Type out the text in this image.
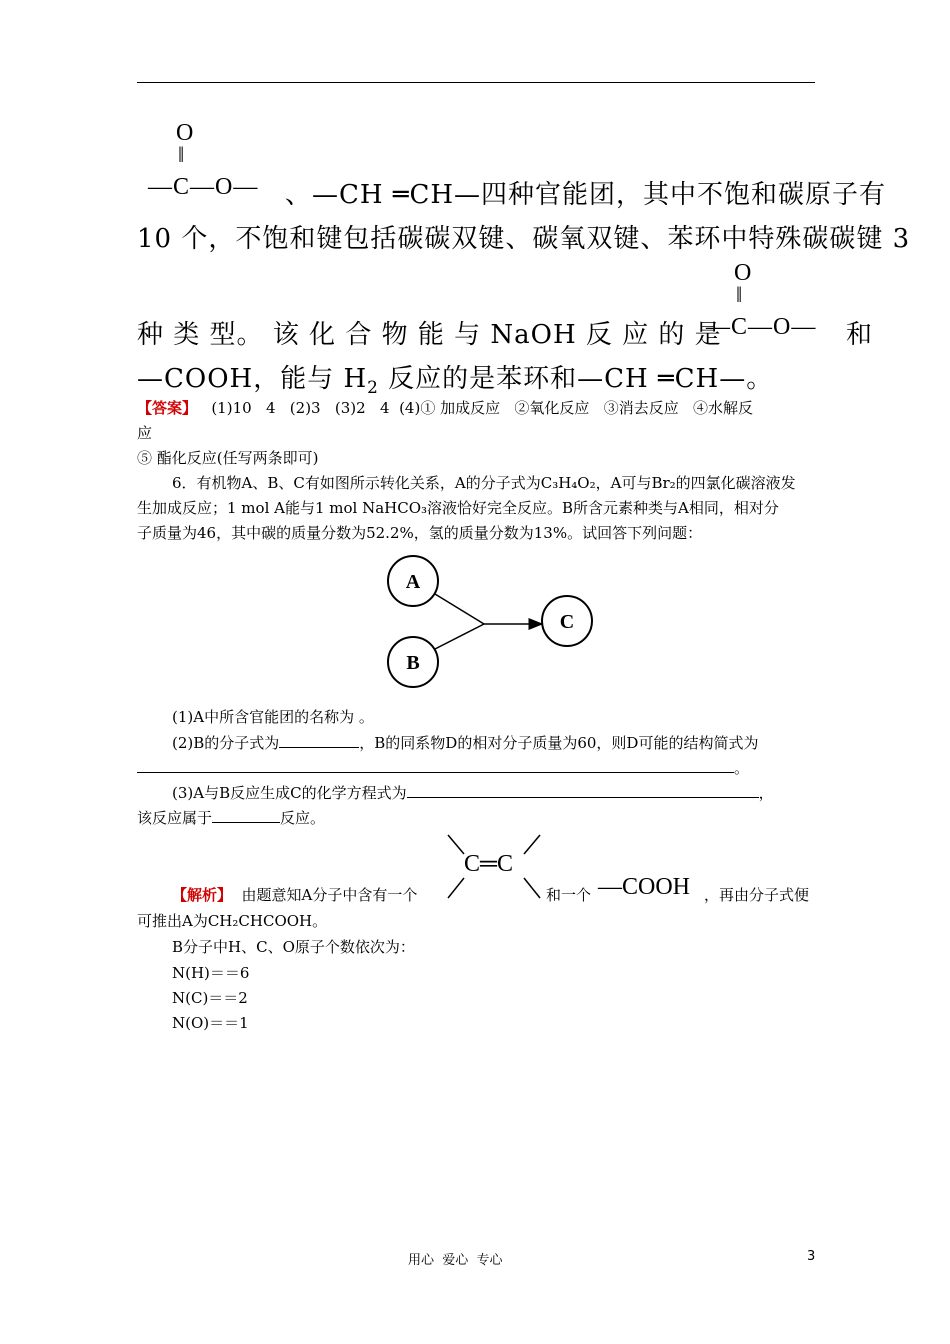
O
‖
—C—O— 、—CH ═CH—四种官能团，其中不饱和碳原子有
10 个，不饱和键包括碳碳双键、碳氧双键、苯环中特殊碳碳键 3
种 类 型。 该 化 合 物 能 与 NaOH 反 应 的 是
O
‖
—C—O— 和
—COOH，能与 $H_2$ 反应的是苯环和—CH ═CH—。
【答案】   (1)10   4   (2)3   (3)2   4  (4)① 加成反应   ②氧化反应   ③消去反应   ④水解反
应
⑤ 酯化反应(任写两条即可)
6．有机物A、B、C有如图所示转化关系，A的分子式为C₃H₄O₂，A可与Br₂的四氯化碳溶液发
生加成反应；1 mol A能与1 mol NaHCO₃溶液恰好完全反应。B所含元素种类与A相同，相对分
子质量为46，其中碳的质量分数为52.2%，氢的质量分数为13%。试回答下列问题：
A
B
C
(1)A中所含官能团的名称为 。
(2)B的分子式为	，B的同系物D的相对分子质量为60，则D可能的结构简式为
。
(3)A与B反应生成C的化学方程式为	，
该反应属于	反应。
【解析】  由题意知A分子中含有一个
C═C
和一个 —COOH ，再由分子式便
可推出A为CH₂CHCOOH。
B分子中H、C、O原子个数依次为：
N(H)＝＝6
N(C)＝＝2
N(O)＝＝1
用心  爱心  专心	3
